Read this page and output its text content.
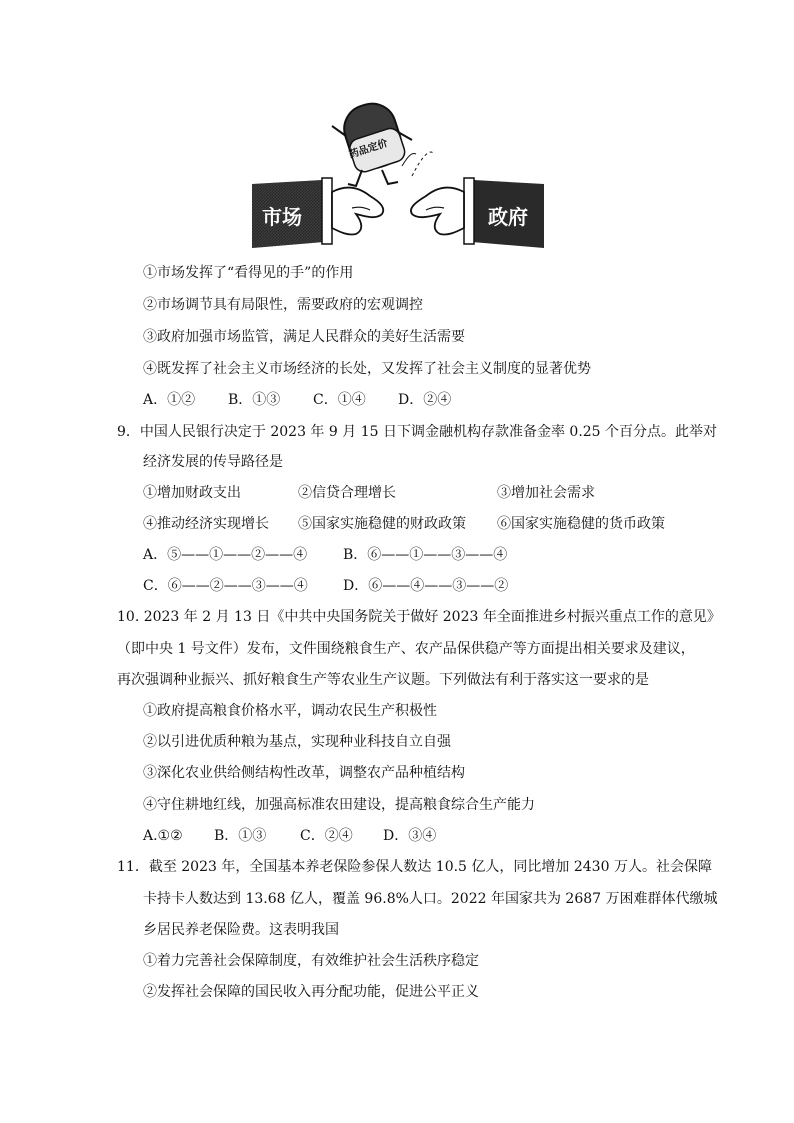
药品定价
市场	政府
①市场发挥了“看得见的手”的作用
②市场调节具有局限性，需要政府的宏观调控
③政府加强市场监管，满足人民群众的美好生活需要
④既发挥了社会主义市场经济的长处，又发挥了社会主义制度的显著优势
A．①② B．①③ C．①④ D．②④
9．中国人民银行决定于 2023 年 9 月 15 日下调金融机构存款准备金率 0.25 个百分点。此举对
经济发展的传导路径是
①增加财政支出	②信贷合理增长	③增加社会需求
④推动经济实现增长 ⑤国家实施稳健的财政政策 ⑥国家实施稳健的货币政策
A．⑤——①——②——④	B．⑥——①——③——④
C．⑥——②——③——④	D．⑥——④——③——②
10. 2023 年 2 月 13 日《中共中央国务院关于做好 2023 年全面推进乡村振兴重点工作的意见》
（即中央 1 号文件）发布，文件围绕粮食生产、农产品保供稳产等方面提出相关要求及建议，
再次强调种业振兴、抓好粮食生产等农业生产议题。下列做法有利于落实这一要求的是
①政府提高粮食价格水平，调动农民生产积极性
②以引进优质种粮为基点，实现种业科技自立自强
③深化农业供给侧结构性改革，调整农产品种植结构
④守住耕地红线，加强高标准农田建设，提高粮食综合生产能力
A.①② B．①③ C．②④ D．③④
11．截至 2023 年，全国基本养老保险参保人数达 10.5 亿人，同比增加 2430 万人。社会保障
卡持卡人数达到 13.68 亿人，覆盖 96.8%人口。2022 年国家共为 2687 万困难群体代缴城
乡居民养老保险费。这表明我国
①着力完善社会保障制度，有效维护社会生活秩序稳定
②发挥社会保障的国民收入再分配功能，促进公平正义
